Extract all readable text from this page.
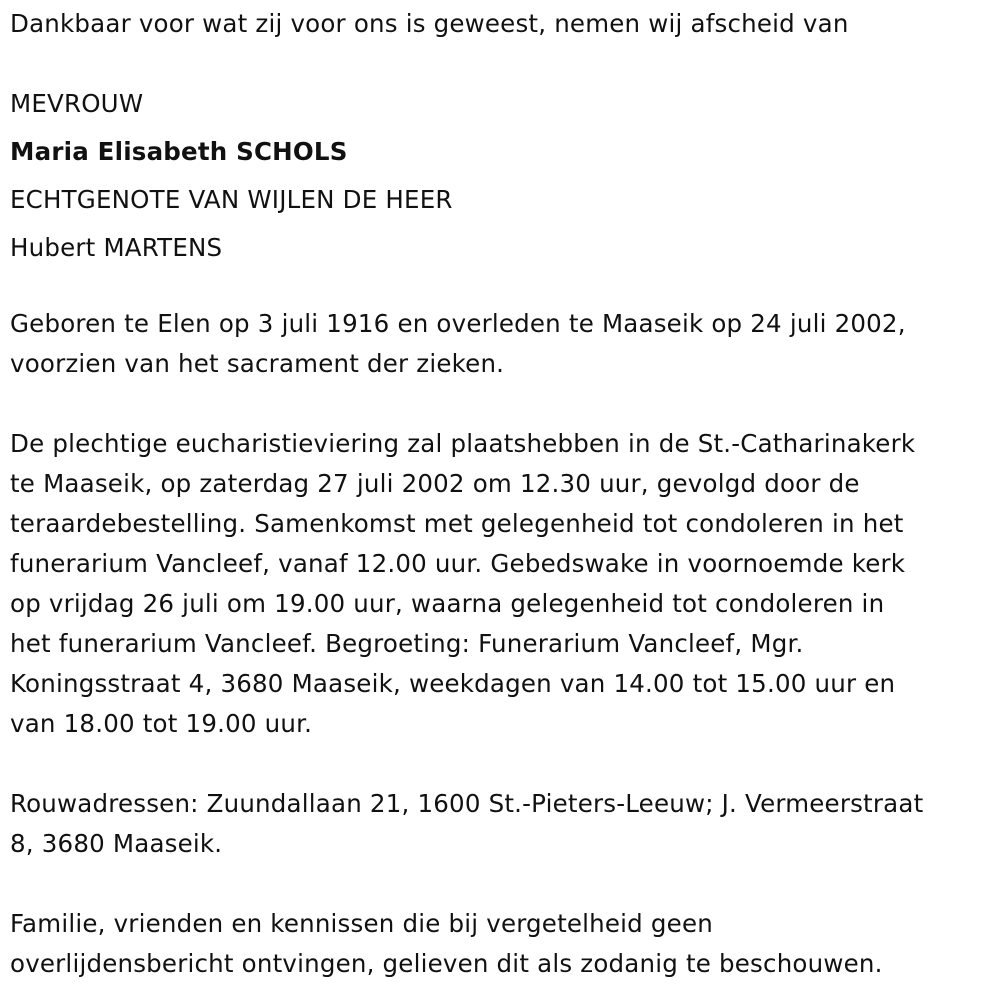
Dankbaar voor wat zij voor ons is geweest, nemen wij afscheid van

MEVROUW

Maria Elisabeth SCHOLS

ECHTGENOTE VAN WIJLEN DE HEER

Hubert MARTENS

Geboren te Elen op 3 juli 1916 en overleden te Maaseik op 24 juli 2002,

voorzien van het sacrament der zieken.

De plechtige eucharistieviering zal plaatshebben in de St.-Catharinakerk

te Maaseik, op zaterdag 27 juli 2002 om 12.30 uur, gevolgd door de

teraardebestelling. Samenkomst met gelegenheid tot condoleren in het

funerarium Vancleef, vanaf 12.00 uur. Gebedswake in voornoemde kerk

op vrijdag 26 juli om 19.00 uur, waarna gelegenheid tot condoleren in

het funerarium Vancleef. Begroeting: Funerarium Vancleef, Mgr.

Koningsstraat 4, 3680 Maaseik, weekdagen van 14.00 tot 15.00 uur en

van 18.00 tot 19.00 uur.

Rouwadressen: Zuundallaan 21, 1600 St.-Pieters-Leeuw; J. Vermeerstraat

8, 3680 Maaseik.

Familie, vrienden en kennissen die bij vergetelheid geen

overlijdensbericht ontvingen, gelieven dit als zodanig te beschouwen.
